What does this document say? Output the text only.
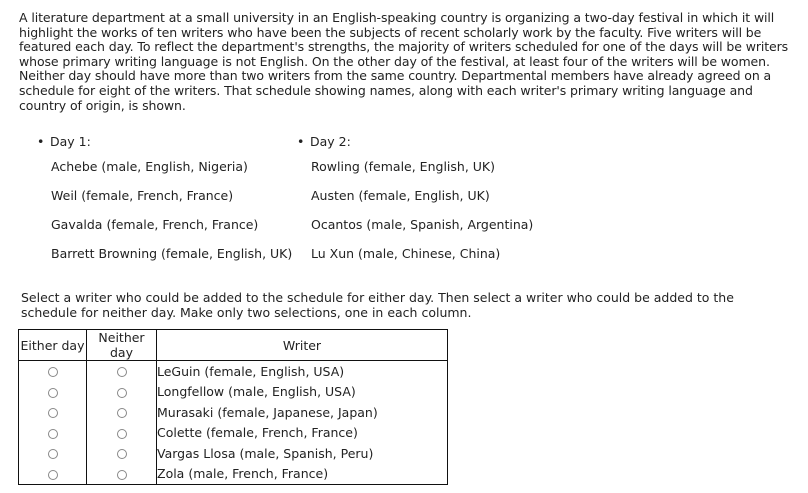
A literature department at a small university in an English-speaking country is organizing a two-day festival in which it will highlight the works of ten writers who have been the subjects of recent scholarly work by the faculty. Five writers will be featured each day. To reflect the department's strengths, the majority of writers scheduled for one of the days will be writers whose primary writing language is not English. On the other day of the festival, at least four of the writers will be women. Neither day should have more than two writers from the same country. Departmental members have already agreed on a schedule for eight of the writers. That schedule showing names, along with each writer's primary writing language and country of origin, is shown.
• Day 1:
Achebe (male, English, Nigeria)
Weil (female, French, France)
Gavalda (female, French, France)
Barrett Browning (female, English, UK)
• Day 2:
Rowling (female, English, UK)
Austen (female, English, UK)
Ocantos (male, Spanish, Argentina)
Lu Xun (male, Chinese, China)
Select a writer who could be added to the schedule for either day. Then select a writer who could be added to the schedule for neither day. Make only two selections, one in each column.
Either day	Neither day	Writer
		LeGuin (female, English, USA)
		Longfellow (male, English, USA)
		Murasaki (female, Japanese, Japan)
		Colette (female, French, France)
		Vargas Llosa (male, Spanish, Peru)
		Zola (male, French, France)
